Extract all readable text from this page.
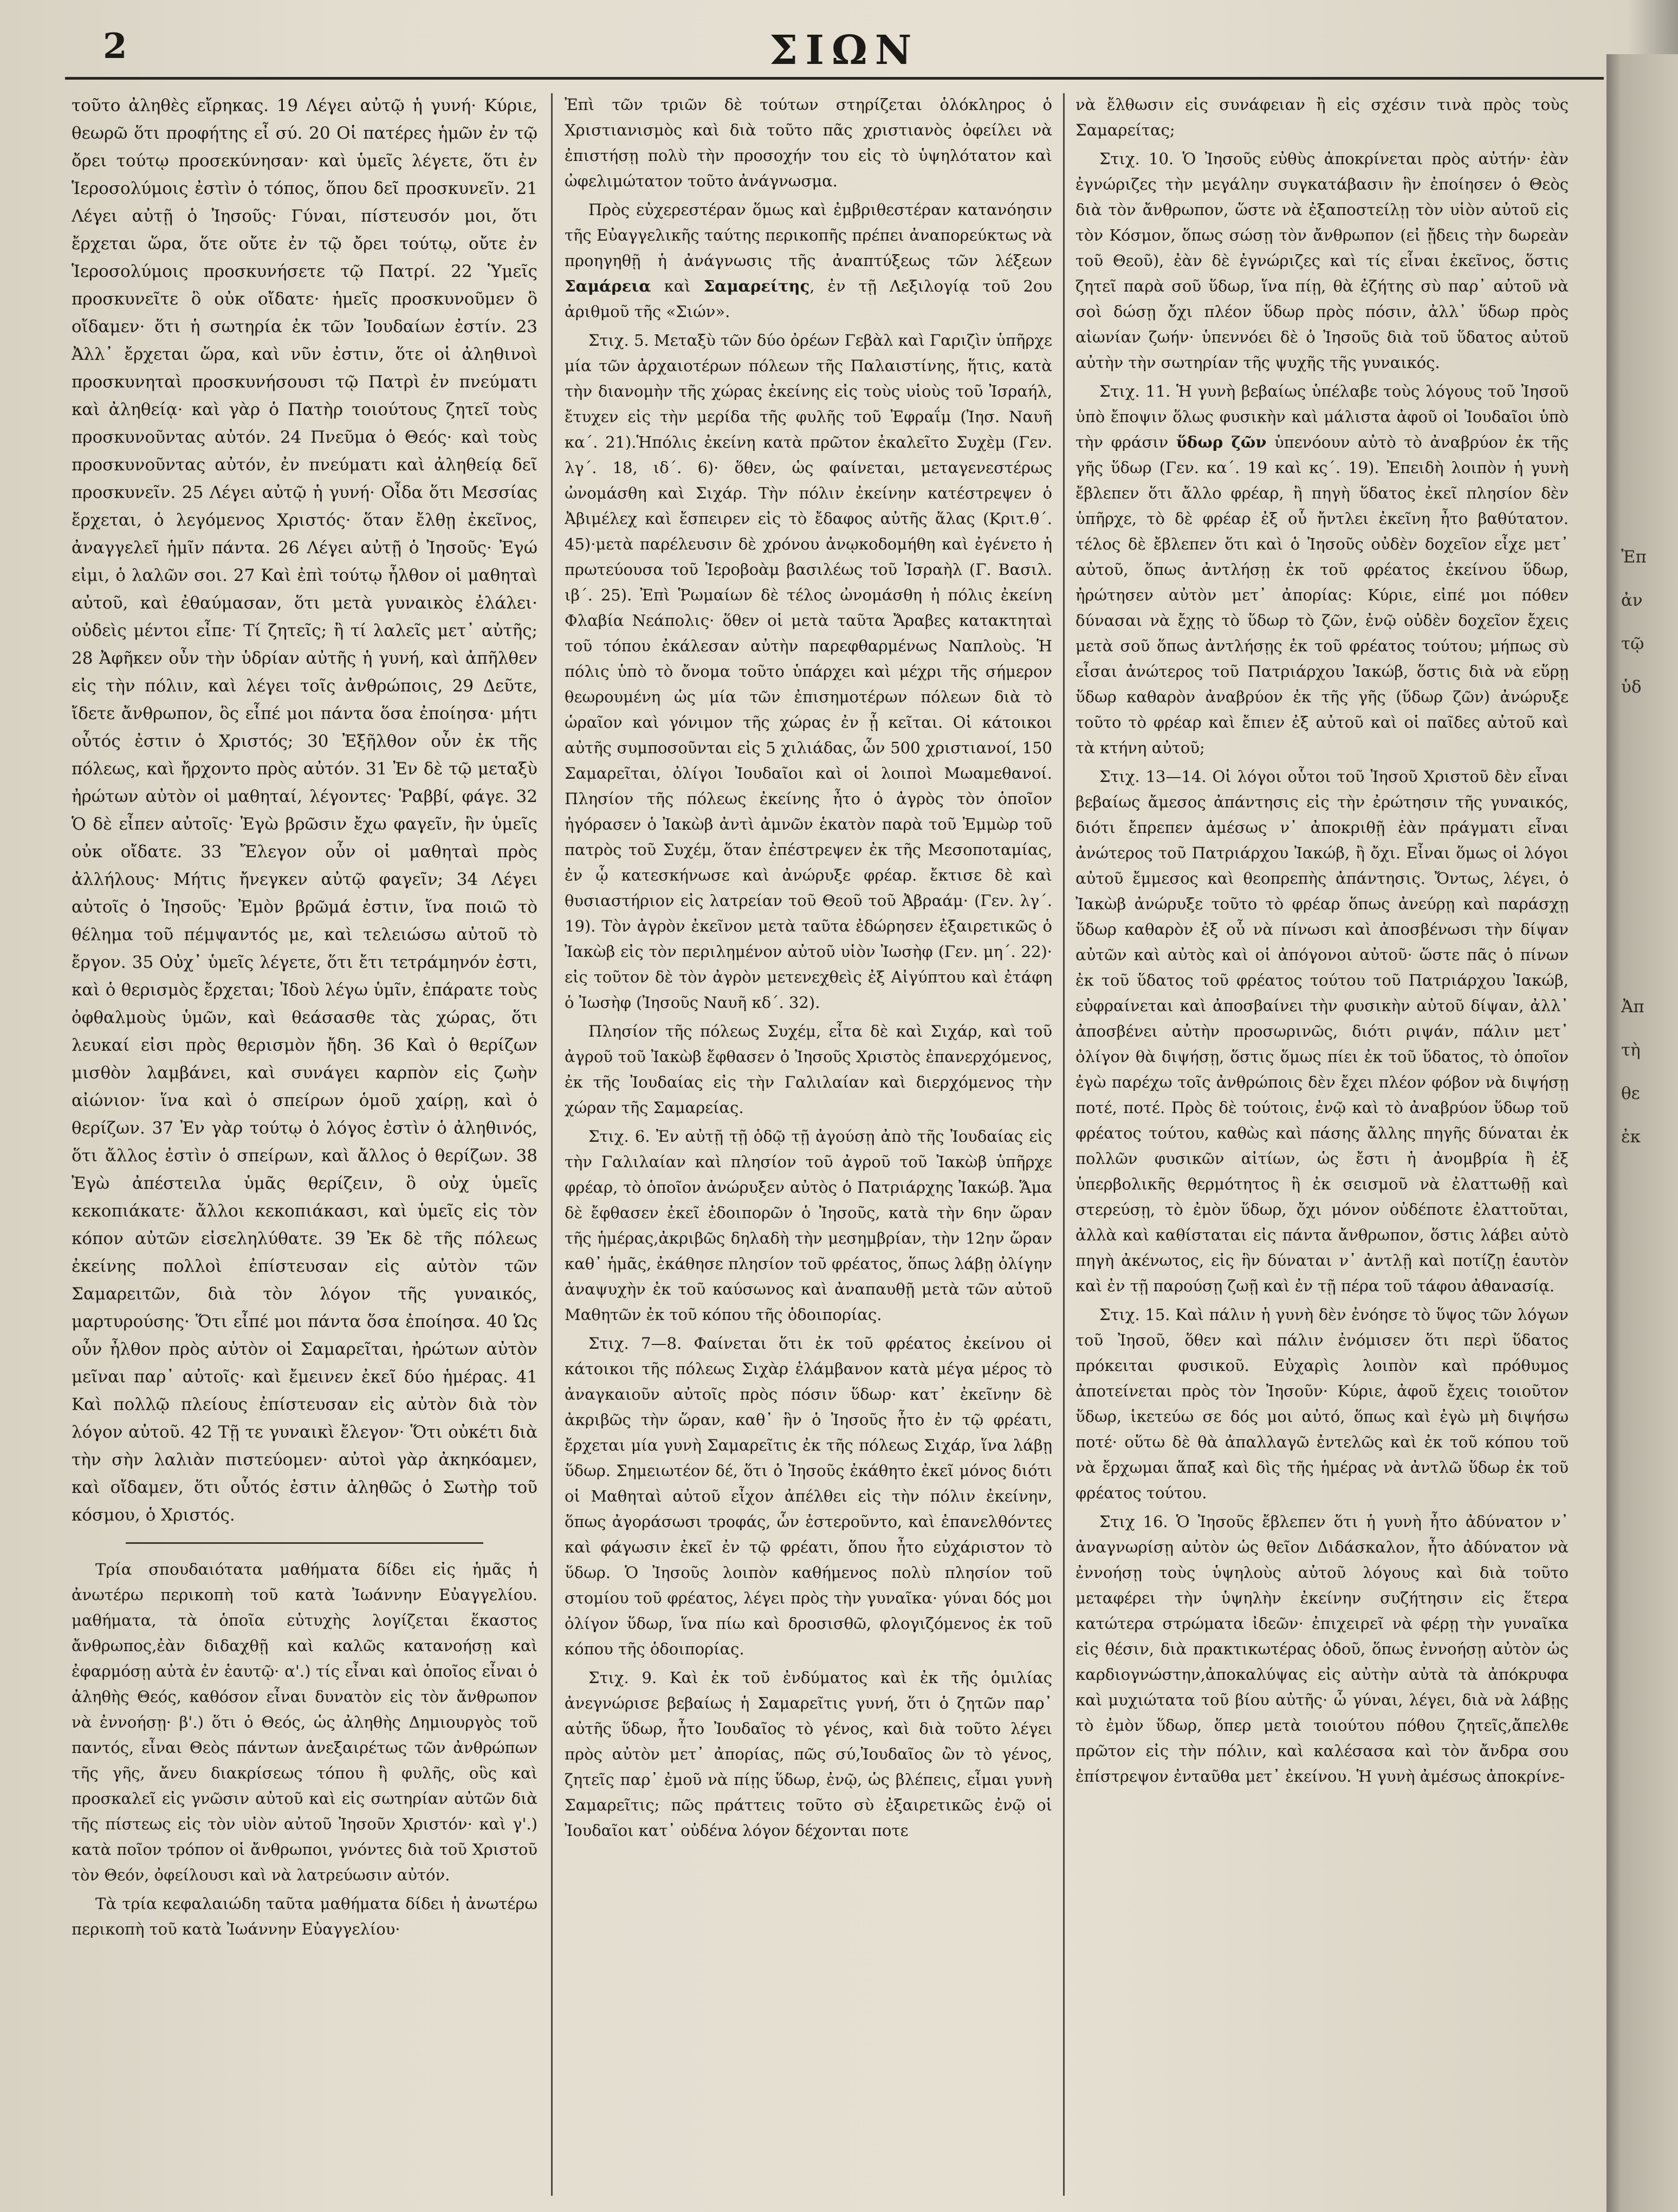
2	ΣΙΩΝ

τοῦτο ἀληθὲς εἴρηκας. 19 Λέγει αὐτῷ ἡ γυνή· Κύριε, θεωρῶ ὅτι προφήτης εἶ σύ. 20 Οἱ πατέρες ἡμῶν ἐν τῷ ὄρει τούτῳ προσεκύνησαν· καὶ ὑμεῖς λέγετε, ὅτι ἐν Ἱεροσολύμοις ἐστὶν ὁ τόπος, ὅπου δεῖ προσκυνεῖν. 21 Λέγει αὐτῇ ὁ Ἰησοῦς· Γύναι, πίστευσόν μοι, ὅτι ἔρχεται ὥρα, ὅτε οὔτε ἐν τῷ ὄρει τούτῳ, οὔτε ἐν Ἱεροσολύμοις προσκυνήσετε τῷ Πατρί. 22 Ὑμεῖς προσκυνεῖτε ὃ οὐκ οἴδατε· ἡμεῖς προσκυνοῦμεν ὃ οἴδαμεν· ὅτι ἡ σωτηρία ἐκ τῶν Ἰουδαίων ἐστίν. 23 Ἀλλ᾿ ἔρχεται ὥρα, καὶ νῦν ἐστιν, ὅτε οἱ ἀληθινοὶ προσκυνηταὶ προσκυνήσουσι τῷ Πατρὶ ἐν πνεύματι καὶ ἀληθείᾳ· καὶ γὰρ ὁ Πατὴρ τοιούτους ζητεῖ τοὺς προσκυνοῦντας αὐτόν. 24 Πνεῦμα ὁ Θεός· καὶ τοὺς προσκυνοῦντας αὐτόν, ἐν πνεύματι καὶ ἀληθείᾳ δεῖ προσκυνεῖν. 25 Λέγει αὐτῷ ἡ γυνή· Οἶδα ὅτι Μεσσίας ἔρχεται, ὁ λεγόμενος Χριστός· ὅταν ἔλθῃ ἐκεῖνος, ἀναγγελεῖ ἡμῖν πάντα. 26 Λέγει αὐτῇ ὁ Ἰησοῦς· Ἐγώ εἰμι, ὁ λαλῶν σοι. 27 Καὶ ἐπὶ τούτῳ ἦλθον οἱ μαθηταὶ αὐτοῦ, καὶ ἐθαύμασαν, ὅτι μετὰ γυναικὸς ἐλάλει· οὐδεὶς μέντοι εἶπε· Τί ζητεῖς; ἢ τί λαλεῖς μετ᾿ αὐτῆς; 28 Ἀφῆκεν οὖν τὴν ὑδρίαν αὐτῆς ἡ γυνή, καὶ ἀπῆλθεν εἰς τὴν πόλιν, καὶ λέγει τοῖς ἀνθρώποις, 29 Δεῦτε, ἴδετε ἄνθρωπον, ὃς εἶπέ μοι πάντα ὅσα ἐποίησα· μήτι οὗτός ἐστιν ὁ Χριστός; 30 Ἐξῆλθον οὖν ἐκ τῆς πόλεως, καὶ ἤρχοντο πρὸς αὐτόν. 31 Ἐν δὲ τῷ μεταξὺ ἠρώτων αὐτὸν οἱ μαθηταί, λέγοντες· Ῥαββί, φάγε. 32 Ὁ δὲ εἶπεν αὐτοῖς· Ἐγὼ βρῶσιν ἔχω φαγεῖν, ἣν ὑμεῖς οὐκ οἴδατε. 33 Ἔλεγον οὖν οἱ μαθηταὶ πρὸς ἀλλήλους· Μήτις ἤνεγκεν αὐτῷ φαγεῖν; 34 Λέγει αὐτοῖς ὁ Ἰησοῦς· Ἐμὸν βρῶμά ἐστιν, ἵνα ποιῶ τὸ θέλημα τοῦ πέμψαντός με, καὶ τελειώσω αὐτοῦ τὸ ἔργον. 35 Οὐχ᾿ ὑμεῖς λέγετε, ὅτι ἔτι τετράμηνόν ἐστι, καὶ ὁ θερισμὸς ἔρχεται; Ἰδοὺ λέγω ὑμῖν, ἐπάρατε τοὺς ὀφθαλμοὺς ὑμῶν, καὶ θεάσασθε τὰς χώρας, ὅτι λευκαί εἰσι πρὸς θερισμὸν ἤδη. 36 Καὶ ὁ θερίζων μισθὸν λαμβάνει, καὶ συνάγει καρπὸν εἰς ζωὴν αἰώνιον· ἵνα καὶ ὁ σπείρων ὁμοῦ χαίρῃ, καὶ ὁ θερίζων. 37 Ἐν γὰρ τούτῳ ὁ λόγος ἐστὶν ὁ ἀληθινός, ὅτι ἄλλος ἐστὶν ὁ σπείρων, καὶ ἄλλος ὁ θερίζων. 38 Ἐγὼ ἀπέστειλα ὑμᾶς θερίζειν, ὃ οὐχ ὑμεῖς κεκοπιάκατε· ἄλλοι κεκοπιάκασι, καὶ ὑμεῖς εἰς τὸν κόπον αὐτῶν εἰσεληλύθατε. 39 Ἐκ δὲ τῆς πόλεως ἐκείνης πολλοὶ ἐπίστευσαν εἰς αὐτὸν τῶν Σαμαρειτῶν, διὰ τὸν λόγον τῆς γυναικός, μαρτυρούσης· Ὅτι εἶπέ μοι πάντα ὅσα ἐποίησα. 40 Ὡς οὖν ἦλθον πρὸς αὐτὸν οἱ Σαμαρεῖται, ἠρώτων αὐτὸν μεῖναι παρ᾿ αὐτοῖς· καὶ ἔμεινεν ἐκεῖ δύο ἡμέρας. 41 Καὶ πολλῷ πλείους ἐπίστευσαν εἰς αὐτὸν διὰ τὸν λόγον αὐτοῦ. 42 Τῇ τε γυναικὶ ἔλεγον· Ὅτι οὐκέτι διὰ τὴν σὴν λαλιὰν πιστεύομεν· αὐτοὶ γὰρ ἀκηκόαμεν, καὶ οἴδαμεν, ὅτι οὗτός ἐστιν ἀληθῶς ὁ Σωτὴρ τοῦ κόσμου, ὁ Χριστός.

Τρία σπουδαιότατα μαθήματα δίδει εἰς ἡμᾶς ἡ ἀνωτέρω περικοπὴ τοῦ κατὰ Ἰωάννην Εὐαγγελίου. μαθήματα, τὰ ὁποῖα εὐτυχὴς λογίζεται ἕκαστος ἄνθρωπος,ἐὰν διδαχθῇ καὶ καλῶς κατανοήσῃ καὶ ἐφαρμόσῃ αὐτὰ ἐν ἑαυτῷ· α'.) τίς εἶναι καὶ ὁποῖος εἶναι ὁ ἀληθὴς Θεός, καθόσον εἶναι δυνατὸν εἰς τὸν ἄνθρωπον νὰ ἐννοήσῃ· β'.) ὅτι ὁ Θεός, ὡς ἀληθὴς Δημιουργὸς τοῦ παντός, εἶναι Θεὸς πάντων ἀνεξαιρέτως τῶν ἀνθρώπων τῆς γῆς, ἄνευ διακρίσεως τόπου ἢ φυλῆς, οὓς καὶ προσκαλεῖ εἰς γνῶσιν αὐτοῦ καὶ εἰς σωτηρίαν αὐτῶν διὰ τῆς πίστεως εἰς τὸν υἱὸν αὐτοῦ Ἰησοῦν Χριστόν· καὶ γ'.) κατὰ ποῖον τρόπον οἱ ἄνθρωποι, γνόντες διὰ τοῦ Χριστοῦ τὸν Θεόν, ὀφείλουσι καὶ νὰ λατρεύωσιν αὐτόν.

Τὰ τρία κεφαλαιώδη ταῦτα μαθήματα δίδει ἡ ἀνωτέρω περικοπὴ τοῦ κατὰ Ἰωάννην Εὐαγγελίου·

Ἐπὶ τῶν τριῶν δὲ τούτων στηρίζεται ὁλόκληρος ὁ Χριστιανισμὸς καὶ διὰ τοῦτο πᾶς χριστιανὸς ὀφείλει νὰ ἐπιστήσῃ πολὺ τὴν προσοχήν του εἰς τὸ ὑψηλότατον καὶ ὠφελιμώτατον τοῦτο ἀνάγνωσμα.

Πρὸς εὐχερεστέραν ὅμως καὶ ἐμβριθεστέραν κατανόησιν τῆς Εὐαγγελικῆς ταύτης περικοπῆς πρέπει ἀναπορεύκτως νὰ προηγηθῇ ἡ ἀνάγνωσις τῆς ἀναπτύξεως τῶν λέξεων Σαμάρεια καὶ Σαμαρείτης, ἐν τῇ Λεξιλογίᾳ τοῦ 2ου ἀριθμοῦ τῆς «Σιών».

Στιχ. 5. Μεταξὺ τῶν δύο ὀρέων Γεβὰλ καὶ Γαριζὶν ὑπῆρχε μία τῶν ἀρχαιοτέρων πόλεων τῆς Παλαιστίνης, ἥτις, κατὰ τὴν διανομὴν τῆς χώρας ἐκείνης εἰς τοὺς υἱοὺς τοῦ Ἰσραήλ, ἔτυχεν εἰς τὴν μερίδα τῆς φυλῆς τοῦ Ἐφραΐμ (Ἰησ. Ναυῆ κα΄. 21).Ἡπόλις ἐκείνη κατὰ πρῶτον ἐκαλεῖτο Συχὲμ (Γεν. λγ΄. 18, ιδ΄. 6)· ὅθεν, ὡς φαίνεται, μεταγενεστέρως ὠνομάσθη καὶ Σιχάρ. Τὴν πόλιν ἐκείνην κατέστρεψεν ὁ Ἀβιμέλεχ καὶ ἔσπειρεν εἰς τὸ ἔδαφος αὐτῆς ἅλας (Κριτ.θ΄. 45)·μετὰ παρέλευσιν δὲ χρόνου ἀνῳκοδομήθη καὶ ἐγένετο ἡ πρωτεύουσα τοῦ Ἱεροβοὰμ βασιλέως τοῦ Ἰσραὴλ (Γ. Βασιλ. ιβ΄. 25). Ἐπὶ Ῥωμαίων δὲ τέλος ὠνομάσθη ἡ πόλις ἐκείνη Φλαβία Νεάπολις· ὅθεν οἱ μετὰ ταῦτα Ἄραβες κατακτηταὶ τοῦ τόπου ἐκάλεσαν αὐτὴν παρεφθαρμένως Ναπλοὺς. Ἡ πόλις ὑπὸ τὸ ὄνομα τοῦτο ὑπάρχει καὶ μέχρι τῆς σήμερον θεωρουμένη ὡς μία τῶν ἐπισημοτέρων πόλεων διὰ τὸ ὡραῖον καὶ γόνιμον τῆς χώρας ἐν ᾗ κεῖται. Οἱ κάτοικοι αὐτῆς συμποσοῦνται εἰς 5 χιλιάδας, ὧν 500 χριστιανοί, 150 Σαμαρεῖται, ὀλίγοι Ἰουδαῖοι καὶ οἱ λοιποὶ Μωαμεθανοί. Πλησίον τῆς πόλεως ἐκείνης ἦτο ὁ ἀγρὸς τὸν ὁποῖον ἠγόρασεν ὁ Ἰακὼβ ἀντὶ ἀμνῶν ἑκατὸν παρὰ τοῦ Ἐμμὼρ τοῦ πατρὸς τοῦ Συχέμ, ὅταν ἐπέστρεψεν ἐκ τῆς Μεσοποταμίας, ἐν ᾧ κατεσκήνωσε καὶ ἀνώρυξε φρέαρ. ἔκτισε δὲ καὶ θυσιαστήριον εἰς λατρείαν τοῦ Θεοῦ τοῦ Ἀβραάμ· (Γεν. λγ΄. 19). Τὸν ἀγρὸν ἐκεῖνον μετὰ ταῦτα ἐδώρησεν ἐξαιρετικῶς ὁ Ἰακὼβ εἰς τὸν περιλημένον αὐτοῦ υἱὸν Ἰωσὴφ (Γεν. μη΄. 22)· εἰς τοῦτον δὲ τὸν ἀγρὸν μετενεχθεὶς ἐξ Αἰγύπτου καὶ ἐτάφη ὁ Ἰωσὴφ (Ἰησοῦς Ναυῆ κδ΄. 32).

Πλησίον τῆς πόλεως Συχέμ, εἶτα δὲ καὶ Σιχάρ, καὶ τοῦ ἀγροῦ τοῦ Ἰακὼβ ἔφθασεν ὁ Ἰησοῦς Χριστὸς ἐπανερχόμενος, ἐκ τῆς Ἰουδαίας εἰς τὴν Γαλιλαίαν καὶ διερχόμενος τὴν χώραν τῆς Σαμαρείας.

Στιχ. 6. Ἐν αὐτῇ τῇ ὁδῷ τῇ ἀγούσῃ ἀπὸ τῆς Ἰουδαίας εἰς τὴν Γαλιλαίαν καὶ πλησίον τοῦ ἀγροῦ τοῦ Ἰακὼβ ὑπῆρχε φρέαρ, τὸ ὁποῖον ἀνώρυξεν αὐτὸς ὁ Πατριάρχης Ἰακώβ. Ἅμα δὲ ἔφθασεν ἐκεῖ ἐδοιπορῶν ὁ Ἰησοῦς, κατὰ τὴν 6ην ὥραν τῆς ἡμέρας,ἀκριβῶς δηλαδὴ τὴν μεσημβρίαν, τὴν 12ην ὥραν καθ᾿ ἡμᾶς, ἐκάθησε πλησίον τοῦ φρέατος, ὅπως λάβῃ ὀλίγην ἀναψυχὴν ἐκ τοῦ καύσωνος καὶ ἀναπαυθῇ μετὰ τῶν αὐτοῦ Μαθητῶν ἐκ τοῦ κόπου τῆς ὁδοιπορίας.

Στιχ. 7—8. Φαίνεται ὅτι ἐκ τοῦ φρέατος ἐκείνου οἱ κάτοικοι τῆς πόλεως Σιχὰρ ἐλάμβανον κατὰ μέγα μέρος τὸ ἀναγκαιοῦν αὐτοῖς πρὸς πόσιν ὕδωρ· κατ᾿ ἐκεῖνην δὲ ἀκριβῶς τὴν ὥραν, καθ᾿ ἣν ὁ Ἰησοῦς ἦτο ἐν τῷ φρέατι, ἔρχεται μία γυνὴ Σαμαρεῖτις ἐκ τῆς πόλεως Σιχάρ, ἵνα λάβῃ ὕδωρ. Σημειωτέον δέ, ὅτι ὁ Ἰησοῦς ἐκάθητο ἐκεῖ μόνος διότι οἱ Μαθηταὶ αὐτοῦ εἶχον ἀπέλθει εἰς τὴν πόλιν ἐκείνην, ὅπως ἀγοράσωσι τροφάς, ὧν ἐστεροῦντο, καὶ ἐπανελθόντες καὶ φάγωσιν ἐκεῖ ἐν τῷ φρέατι, ὅπου ἦτο εὐχάριστον τὸ ὕδωρ. Ὁ Ἰησοῦς λοιπὸν καθήμενος πολὺ πλησίον τοῦ στομίου τοῦ φρέατος, λέγει πρὸς τὴν γυναῖκα· γύναι δός μοι ὀλίγον ὕδωρ, ἵνα πίω καὶ δροσισθῶ, φλογιζόμενος ἐκ τοῦ κόπου τῆς ὁδοιπορίας.

Στιχ. 9. Καὶ ἐκ τοῦ ἐνδύματος καὶ ἐκ τῆς ὁμιλίας ἀνεγνώρισε βεβαίως ἡ Σαμαρεῖτις γυνή, ὅτι ὁ ζητῶν παρ᾿ αὐτῆς ὕδωρ, ἦτο Ἰουδαῖος τὸ γένος, καὶ διὰ τοῦτο λέγει πρὸς αὐτὸν μετ᾿ ἀπορίας, πῶς σύ,Ἰουδαῖος ὢν τὸ γένος, ζητεῖς παρ᾿ ἐμοῦ νὰ πίῃς ὕδωρ, ἐνῷ, ὡς βλέπεις, εἶμαι γυνὴ Σαμαρεῖτις; πῶς πράττεις τοῦτο σὺ ἐξαιρετικῶς ἐνῷ οἱ Ἰουδαῖοι κατ᾿ οὐδένα λόγον δέχονται ποτε

νὰ ἔλθωσιν εἰς συνάφειαν ἢ εἰς σχέσιν τινὰ πρὸς τοὺς Σαμαρείτας;

Στιχ. 10. Ὁ Ἰησοῦς εὐθὺς ἀποκρίνεται πρὸς αὐτήν· ἐὰν ἐγνώριζες τὴν μεγάλην συγκατάβασιν ἣν ἐποίησεν ὁ Θεὸς διὰ τὸν ἄνθρωπον, ὥστε νὰ ἐξαποστείλῃ τὸν υἱὸν αὐτοῦ εἰς τὸν Κόσμον, ὅπως σώσῃ τὸν ἄνθρωπον (εἰ ᾔδεις τὴν δωρεὰν τοῦ Θεοῦ), ἐὰν δὲ ἐγνώριζες καὶ τίς εἶναι ἐκεῖνος, ὅστις ζητεῖ παρὰ σοῦ ὕδωρ, ἵνα πίῃ, θὰ ἐζήτης σὺ παρ᾿ αὐτοῦ νὰ σοὶ δώσῃ ὄχι πλέον ὕδωρ πρὸς πόσιν, ἀλλ᾿ ὕδωρ πρὸς αἰωνίαν ζωήν· ὑπεννόει δὲ ὁ Ἰησοῦς διὰ τοῦ ὕδατος αὐτοῦ αὐτὴν τὴν σωτηρίαν τῆς ψυχῆς τῆς γυναικός.

Στιχ. 11. Ἡ γυνὴ βεβαίως ὑπέλαβε τοὺς λόγους τοῦ Ἰησοῦ ὑπὸ ἔποψιν ὅλως φυσικὴν καὶ μάλιστα ἀφοῦ οἱ Ἰουδαῖοι ὑπὸ τὴν φράσιν ὕδωρ ζῶν ὑπενόουν αὐτὸ τὸ ἀναβρύον ἐκ τῆς γῆς ὕδωρ (Γεν. κα΄. 19 καὶ κς΄. 19). Ἐπειδὴ λοιπὸν ἡ γυνὴ ἔβλεπεν ὅτι ἄλλο φρέαρ, ἢ πηγὴ ὕδατος ἐκεῖ πλησίον δὲν ὑπῆρχε, τὸ δὲ φρέαρ ἐξ οὗ ἤντλει ἐκεῖνη ἦτο βαθύτατον. τέλος δὲ ἔβλεπεν ὅτι καὶ ὁ Ἰησοῦς οὐδὲν δοχεῖον εἶχε μετ᾿ αὐτοῦ, ὅπως ἀντλήσῃ ἐκ τοῦ φρέατος ἐκείνου ὕδωρ, ἠρώτησεν αὐτὸν μετ᾿ ἀπορίας: Κύριε, εἰπέ μοι πόθεν δύνασαι νὰ ἔχῃς τὸ ὕδωρ τὸ ζῶν, ἐνῷ οὐδὲν δοχεῖον ἔχεις μετὰ σοῦ ὅπως ἀντλήσῃς ἐκ τοῦ φρέατος τούτου; μήπως σὺ εἶσαι ἀνώτερος τοῦ Πατριάρχου Ἰακώβ, ὅστις διὰ νὰ εὕρῃ ὕδωρ καθαρὸν ἀναβρύον ἐκ τῆς γῆς (ὕδωρ ζῶν) ἀνώρυξε τοῦτο τὸ φρέαρ καὶ ἔπιεν ἐξ αὐτοῦ καὶ οἱ παῖδες αὐτοῦ καὶ τὰ κτήνη αὐτοῦ;

Στιχ. 13—14. Οἱ λόγοι οὗτοι τοῦ Ἰησοῦ Χριστοῦ δὲν εἶναι βεβαίως ἄμεσος ἀπάντησις εἰς τὴν ἐρώτησιν τῆς γυναικός, διότι ἔπρεπεν ἀμέσως ν᾿ ἀποκριθῇ ἐὰν πράγματι εἶναι ἀνώτερος τοῦ Πατριάρχου Ἰακώβ, ἢ ὄχι. Εἶναι ὅμως οἱ λόγοι αὐτοῦ ἔμμεσος καὶ θεοπρεπὴς ἀπάντησις. Ὄντως, λέγει, ὁ Ἰακὼβ ἀνώρυξε τοῦτο τὸ φρέαρ ὅπως ἀνεύρῃ καὶ παράσχῃ ὕδωρ καθαρὸν ἐξ οὗ νὰ πίνωσι καὶ ἀποσβένωσι τὴν δίψαν αὐτῶν καὶ αὐτὸς καὶ οἱ ἀπόγονοι αὐτοῦ· ὥστε πᾶς ὁ πίνων ἐκ τοῦ ὕδατος τοῦ φρέατος τούτου τοῦ Πατριάρχου Ἰακώβ, εὐφραίνεται καὶ ἀποσβαίνει τὴν φυσικὴν αὐτοῦ δίψαν, ἀλλ᾿ ἀποσβένει αὐτὴν προσωρινῶς, διότι ριψάν, πάλιν μετ᾿ ὀλίγον θὰ διψήσῃ, ὅστις ὅμως πίει ἐκ τοῦ ὕδατος, τὸ ὁποῖον ἐγὼ παρέχω τοῖς ἀνθρώποις δὲν ἔχει πλέον φόβον νὰ διψήσῃ ποτέ, ποτέ. Πρὸς δὲ τούτοις, ἐνῷ καὶ τὸ ἀναβρύον ὕδωρ τοῦ φρέατος τούτου, καθὼς καὶ πάσης ἄλλης πηγῆς δύναται ἐκ πολλῶν φυσικῶν αἰτίων, ὡς ἔστι ἡ ἀνομβρία ἢ ἐξ ὑπερβολικῆς θερμότητος ἢ ἐκ σεισμοῦ νὰ ἐλαττωθῇ καὶ στερεύσῃ, τὸ ἐμὸν ὕδωρ, ὄχι μόνον οὐδέποτε ἐλαττοῦται, ἀλλὰ καὶ καθίσταται εἰς πάντα ἄνθρωπον, ὅστις λάβει αὐτὸ πηγὴ ἀκένωτος, εἰς ἣν δύναται ν᾿ ἀντλῇ καὶ ποτίζῃ ἑαυτὸν καὶ ἐν τῇ παρούσῃ ζωῇ καὶ ἐν τῇ πέρα τοῦ τάφου ἀθανασίᾳ.

Στιχ. 15. Καὶ πάλιν ἡ γυνὴ δὲν ἐνόησε τὸ ὕψος τῶν λόγων τοῦ Ἰησοῦ, ὅθεν καὶ πάλιν ἐνόμισεν ὅτι περὶ ὕδατος πρόκειται φυσικοῦ. Εὐχαρὶς λοιπὸν καὶ πρόθυμος ἀποτείνεται πρὸς τὸν Ἰησοῦν· Κύριε, ἀφοῦ ἔχεις τοιοῦτον ὕδωρ, ἱκετεύω σε δός μοι αὐτό, ὅπως καὶ ἐγὼ μὴ διψήσω ποτέ· οὕτω δὲ θὰ ἀπαλλαγῶ ἐντελῶς καὶ ἐκ τοῦ κόπου τοῦ νὰ ἔρχωμαι ἅπαξ καὶ δὶς τῆς ἡμέρας νὰ ἀντλῶ ὕδωρ ἐκ τοῦ φρέατος τούτου.

Στιχ 16. Ὁ Ἰησοῦς ἔβλεπεν ὅτι ἡ γυνὴ ἦτο ἀδύνατον ν᾿ ἀναγνωρίσῃ αὐτὸν ὡς θεῖον Διδάσκαλον, ἦτο ἀδύνατον νὰ ἐννοήσῃ τοὺς ὑψηλοὺς αὐτοῦ λόγους καὶ διὰ τοῦτο μεταφέρει τὴν ὑψηλὴν ἐκείνην συζήτησιν εἰς ἕτερα κατώτερα στρώματα ἰδεῶν· ἐπιχειρεῖ νὰ φέρῃ τὴν γυναῖκα εἰς θέσιν, διὰ πρακτικωτέρας ὁδοῦ, ὅπως ἐννοήσῃ αὐτὸν ὡς καρδιογνώστην,ἀποκαλύψας εἰς αὐτὴν αὐτὰ τὰ ἀπόκρυφα καὶ μυχιώτατα τοῦ βίου αὐτῆς· ὦ γύναι, λέγει, διὰ νὰ λάβῃς τὸ ἐμὸν ὕδωρ, ὅπερ μετὰ τοιούτου πόθου ζητεῖς,ἄπελθε πρῶτον εἰς τὴν πόλιν, καὶ καλέσασα καὶ τὸν ἄνδρα σου ἐπίστρεψον ἐνταῦθα μετ᾿ ἐκείνου. Ἡ γυνὴ ἀμέσως ἀποκρίνε-

Ἐπ
ἀν
τῷ
ὑδ
Ἀπ
τὴ
θε
ἐκ
